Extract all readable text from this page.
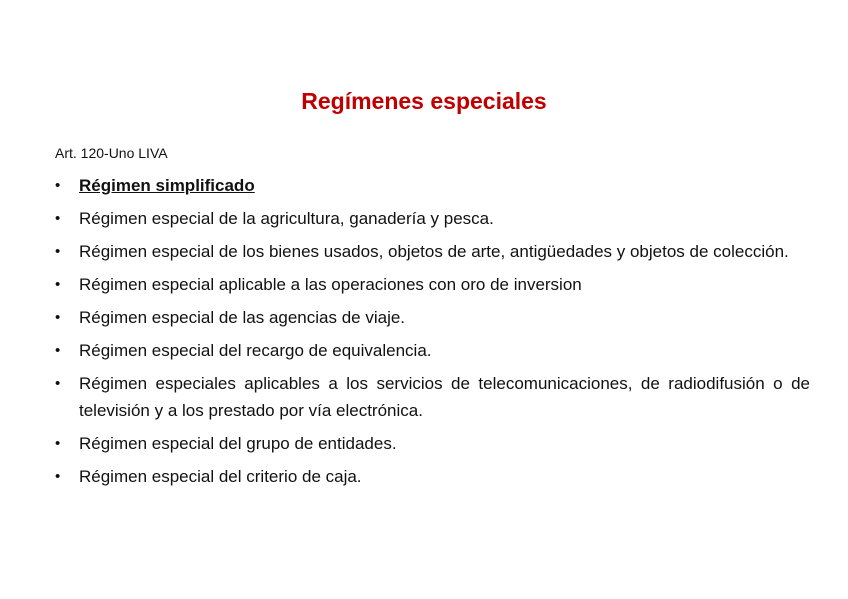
Regímenes especiales
Art. 120-Uno LIVA
• Régimen simplificado
• Régimen especial de la agricultura, ganadería y pesca.
• Régimen especial de los bienes usados, objetos de arte, antigüedades y objetos de colección.
• Régimen especial aplicable a las operaciones con oro de inversion
• Régimen especial de las agencias de viaje.
• Régimen especial del recargo de equivalencia.
• Régimen especiales aplicables a los servicios de telecomunicaciones, de radiodifusión o de televisión y a los prestado por vía electrónica.
• Régimen especial del grupo de entidades.
• Régimen especial del criterio de caja.
